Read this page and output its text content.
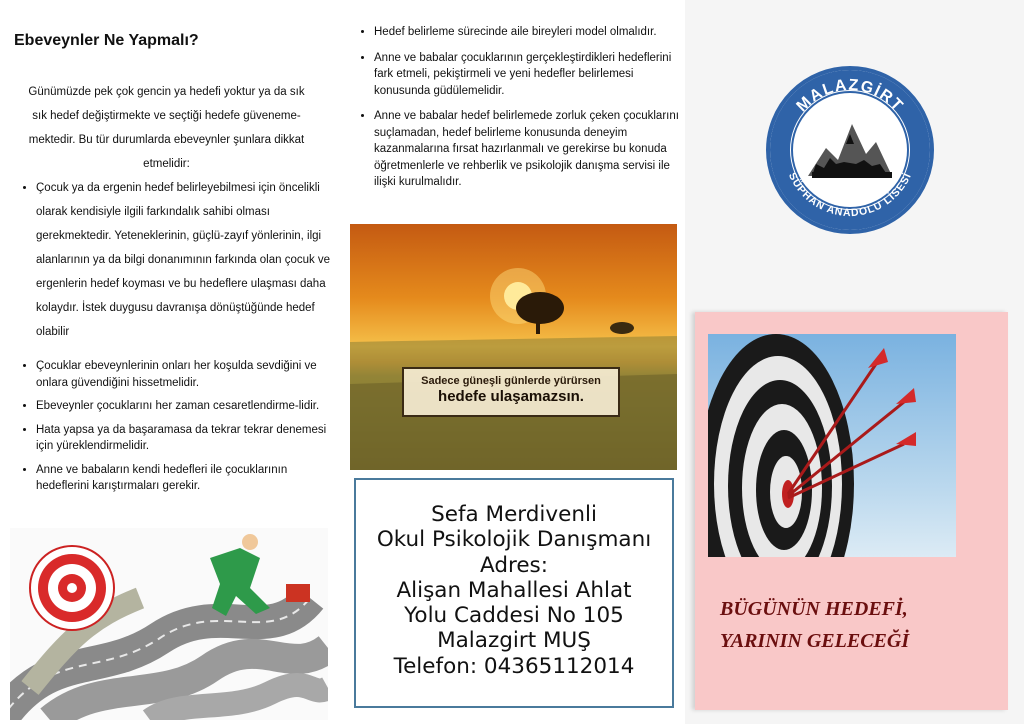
Ebeveynler Ne Yapmalı?
Günümüzde pek çok gencin ya hedefi yoktur ya da sık
sık hedef değiştirmekte ve seçtiği hedefe güveneme-
mektedir. Bu tür durumlarda ebeveynler şunlara dikkat
etmelidir:
• Çocuk ya da ergenin hedef belirleyebilmesi için öncelikli olarak kendisiyle ilgili farkındalık sahibi olması gerekmektedir. Yeteneklerinin, güçlü-zayıf yönlerinin, ilgi alanlarının ya da bilgi donanımının farkında olan çocuk ve ergenlerin hedef koyması ve bu hedeflere ulaşması daha kolaydır. İstek duygusu davranışa dönüştüğünde hedef olabilir
• Çocuklar ebeveynlerinin onları her koşulda sevdiğini ve onlara güvendiğini hissetmelidir.
• Ebeveynler çocuklarını her zaman cesaretlendirme-lidir.
• Hata yapsa ya da başaramasa da tekrar tekrar denemesi için yüreklendirmelidir.
• Anne ve babaların kendi hedefleri ile çocuklarının hedeflerini karıştırmaları gerekir.
• Hedef belirleme sürecinde aile bireyleri model olmalıdır.
• Anne ve babalar çocuklarının gerçekleştirdikleri hedeflerini fark etmeli, pekiştirmeli ve yeni hedefler belirlemesi konusunda güdülemelidir.
• Anne ve babalar hedef belirlemede zorluk çeken çocuklarını suçlamadan, hedef belirleme konusunda deneyim kazanmalarına fırsat hazırlanmalı ve gerekirse bu konuda öğretmenlerle ve rehberlik ve psikolojik danışma servisi ile ilişki kurulmalıdır.
Sadece güneşli günlerde yürürsen
hedefe ulaşamazsın.
Sefa Merdivenli
Okul Psikolojik Danışmanı
Adres:
Alişan Mahallesi Ahlat
Yolu Caddesi No 105
Malazgirt MUŞ
Telefon: 04365112014
MALAZGİRT
SÜPHAN ANADOLU LİSESİ
BÜGÜNÜN HEDEFİ,
YARININ GELECEĞİ
